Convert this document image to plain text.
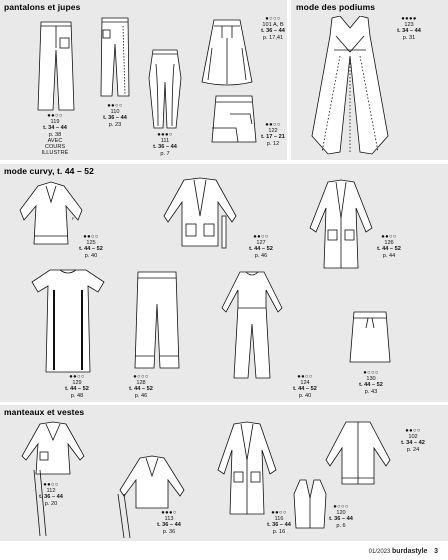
pantalons et jupes	mode des podiums
mode curvy, t. 44 – 52
manteaux et vestes
●●○○
119
t. 34 – 44
p. 38
AVEC COURS
ILLUSTRÉ
●●○○
110
t. 36 – 44
p. 23
●●●○
111
t. 36 – 44
p. 7
●○○○
101 A, B
t. 36 – 44
p. 17,41
●●○○
122
t. 17 – 21
p. 12
●●●●
123
t. 34 – 44
p. 31
F
●●○○
125
t. 44 – 52
p. 40
●●○○
127
t. 44 – 52
p. 46
●●○○
126
t. 44 – 52
p. 44
●●○○
129
t. 44 – 52
p. 48
●○○○
128
t. 44 – 52
p. 46
●●○○
124
t. 44 – 52
p. 40
●○○○
130
t. 44 – 52
p. 43
●●○○
112
t. 36 – 44
p. 20
●●●○
113
t. 36 – 44
p. 36
●●○○
116
t. 36 – 44
p. 16
●○○○
120
t. 36 – 44
p. 6
●●○○
102
t. 34 – 42
p. 24
01/2023 burdastyle 3
